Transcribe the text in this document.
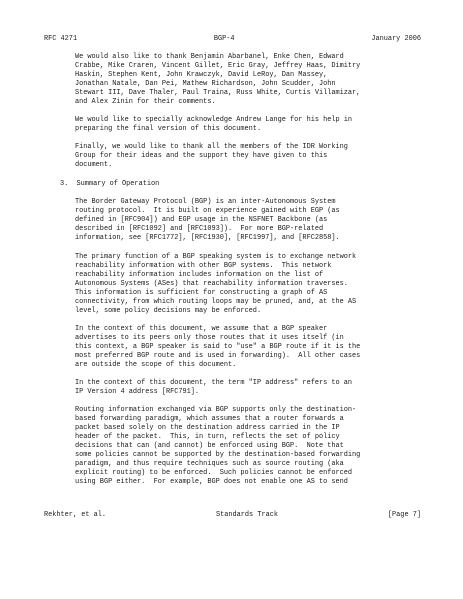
RFC 4271	BGP-4	January 2006
We would also like to thank Benjamin Abarbanel, Enke Chen, Edward
Crabbe, Mike Craren, Vincent Gillet, Eric Gray, Jeffrey Haas, Dimitry
Haskin, Stephen Kent, John Krawczyk, David LeRoy, Dan Massey,
Jonathan Natale, Dan Pei, Mathew Richardson, John Scudder, John
Stewart III, Dave Thaler, Paul Traina, Russ White, Curtis Villamizar,
and Alex Zinin for their comments.
We would like to specially acknowledge Andrew Lange for his help in
preparing the final version of this document.
Finally, we would like to thank all the members of the IDR Working
Group for their ideas and the support they have given to this
document.
3.  Summary of Operation
The Border Gateway Protocol (BGP) is an inter-Autonomous System
routing protocol.  It is built on experience gained with EGP (as
defined in [RFC904]) and EGP usage in the NSFNET Backbone (as
described in [RFC1092] and [RFC1093]).  For more BGP-related
information, see [RFC1772], [RFC1930], [RFC1997], and [RFC2858].
The primary function of a BGP speaking system is to exchange network
reachability information with other BGP systems.  This network
reachability information includes information on the list of
Autonomous Systems (ASes) that reachability information traverses.
This information is sufficient for constructing a graph of AS
connectivity, from which routing loops may be pruned, and, at the AS
level, some policy decisions may be enforced.
In the context of this document, we assume that a BGP speaker
advertises to its peers only those routes that it uses itself (in
this context, a BGP speaker is said to "use" a BGP route if it is the
most preferred BGP route and is used in forwarding).  All other cases
are outside the scope of this document.
In the context of this document, the term "IP address" refers to an
IP Version 4 address [RFC791].
Routing information exchanged via BGP supports only the destination-
based forwarding paradigm, which assumes that a router forwards a
packet based solely on the destination address carried in the IP
header of the packet.  This, in turn, reflects the set of policy
decisions that can (and cannot) be enforced using BGP.  Note that
some policies cannot be supported by the destination-based forwarding
paradigm, and thus require techniques such as source routing (aka
explicit routing) to be enforced.  Such policies cannot be enforced
using BGP either.  For example, BGP does not enable one AS to send
Rekhter, et al.	Standards Track	[Page 7]
